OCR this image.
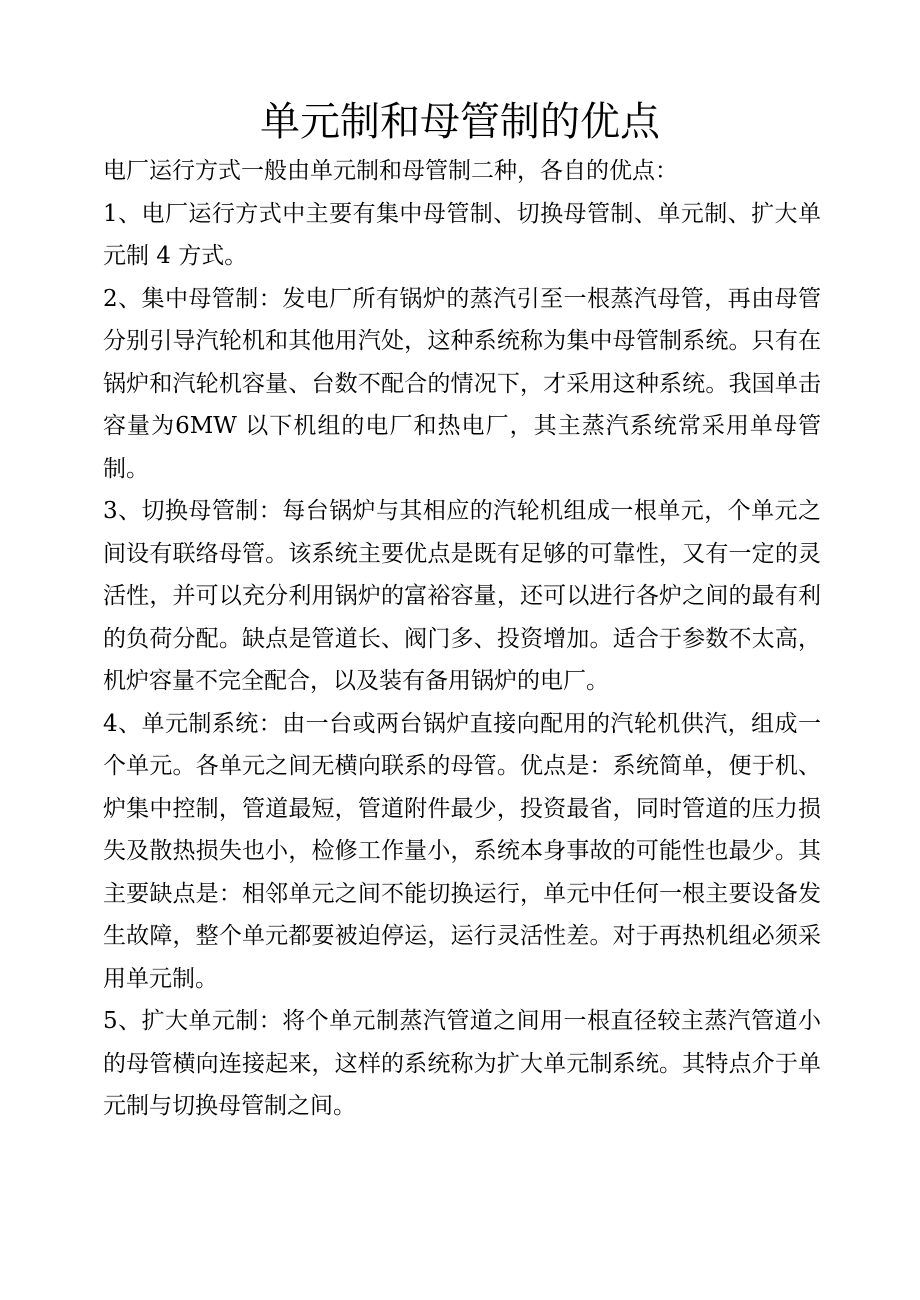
单元制和母管制的优点

电厂运行方式一般由单元制和母管制二种，各自的优点：

1、电厂运行方式中主要有集中母管制、切换母管制、单元制、扩大单元制 4 方式。

2、集中母管制：发电厂所有锅炉的蒸汽引至一根蒸汽母管，再由母管分别引导汽轮机和其他用汽处，这种系统称为集中母管制系统。只有在锅炉和汽轮机容量、台数不配合的情况下，才采用这种系统。我国单击容量为6MW 以下机组的电厂和热电厂，其主蒸汽系统常采用单母管制。

3、切换母管制：每台锅炉与其相应的汽轮机组成一根单元，个单元之间设有联络母管。该系统主要优点是既有足够的可靠性，又有一定的灵活性，并可以充分利用锅炉的富裕容量，还可以进行各炉之间的最有利的负荷分配。缺点是管道长、阀门多、投资增加。适合于参数不太高，机炉容量不完全配合，以及装有备用锅炉的电厂。

4、单元制系统：由一台或两台锅炉直接向配用的汽轮机供汽，组成一个单元。各单元之间无横向联系的母管。优点是：系统简单，便于机、炉集中控制，管道最短，管道附件最少，投资最省，同时管道的压力损失及散热损失也小，检修工作量小，系统本身事故的可能性也最少。其主要缺点是：相邻单元之间不能切换运行，单元中任何一根主要设备发生故障，整个单元都要被迫停运，运行灵活性差。对于再热机组必须采用单元制。

5、扩大单元制：将个单元制蒸汽管道之间用一根直径较主蒸汽管道小的母管横向连接起来，这样的系统称为扩大单元制系统。其特点介于单元制与切换母管制之间。
